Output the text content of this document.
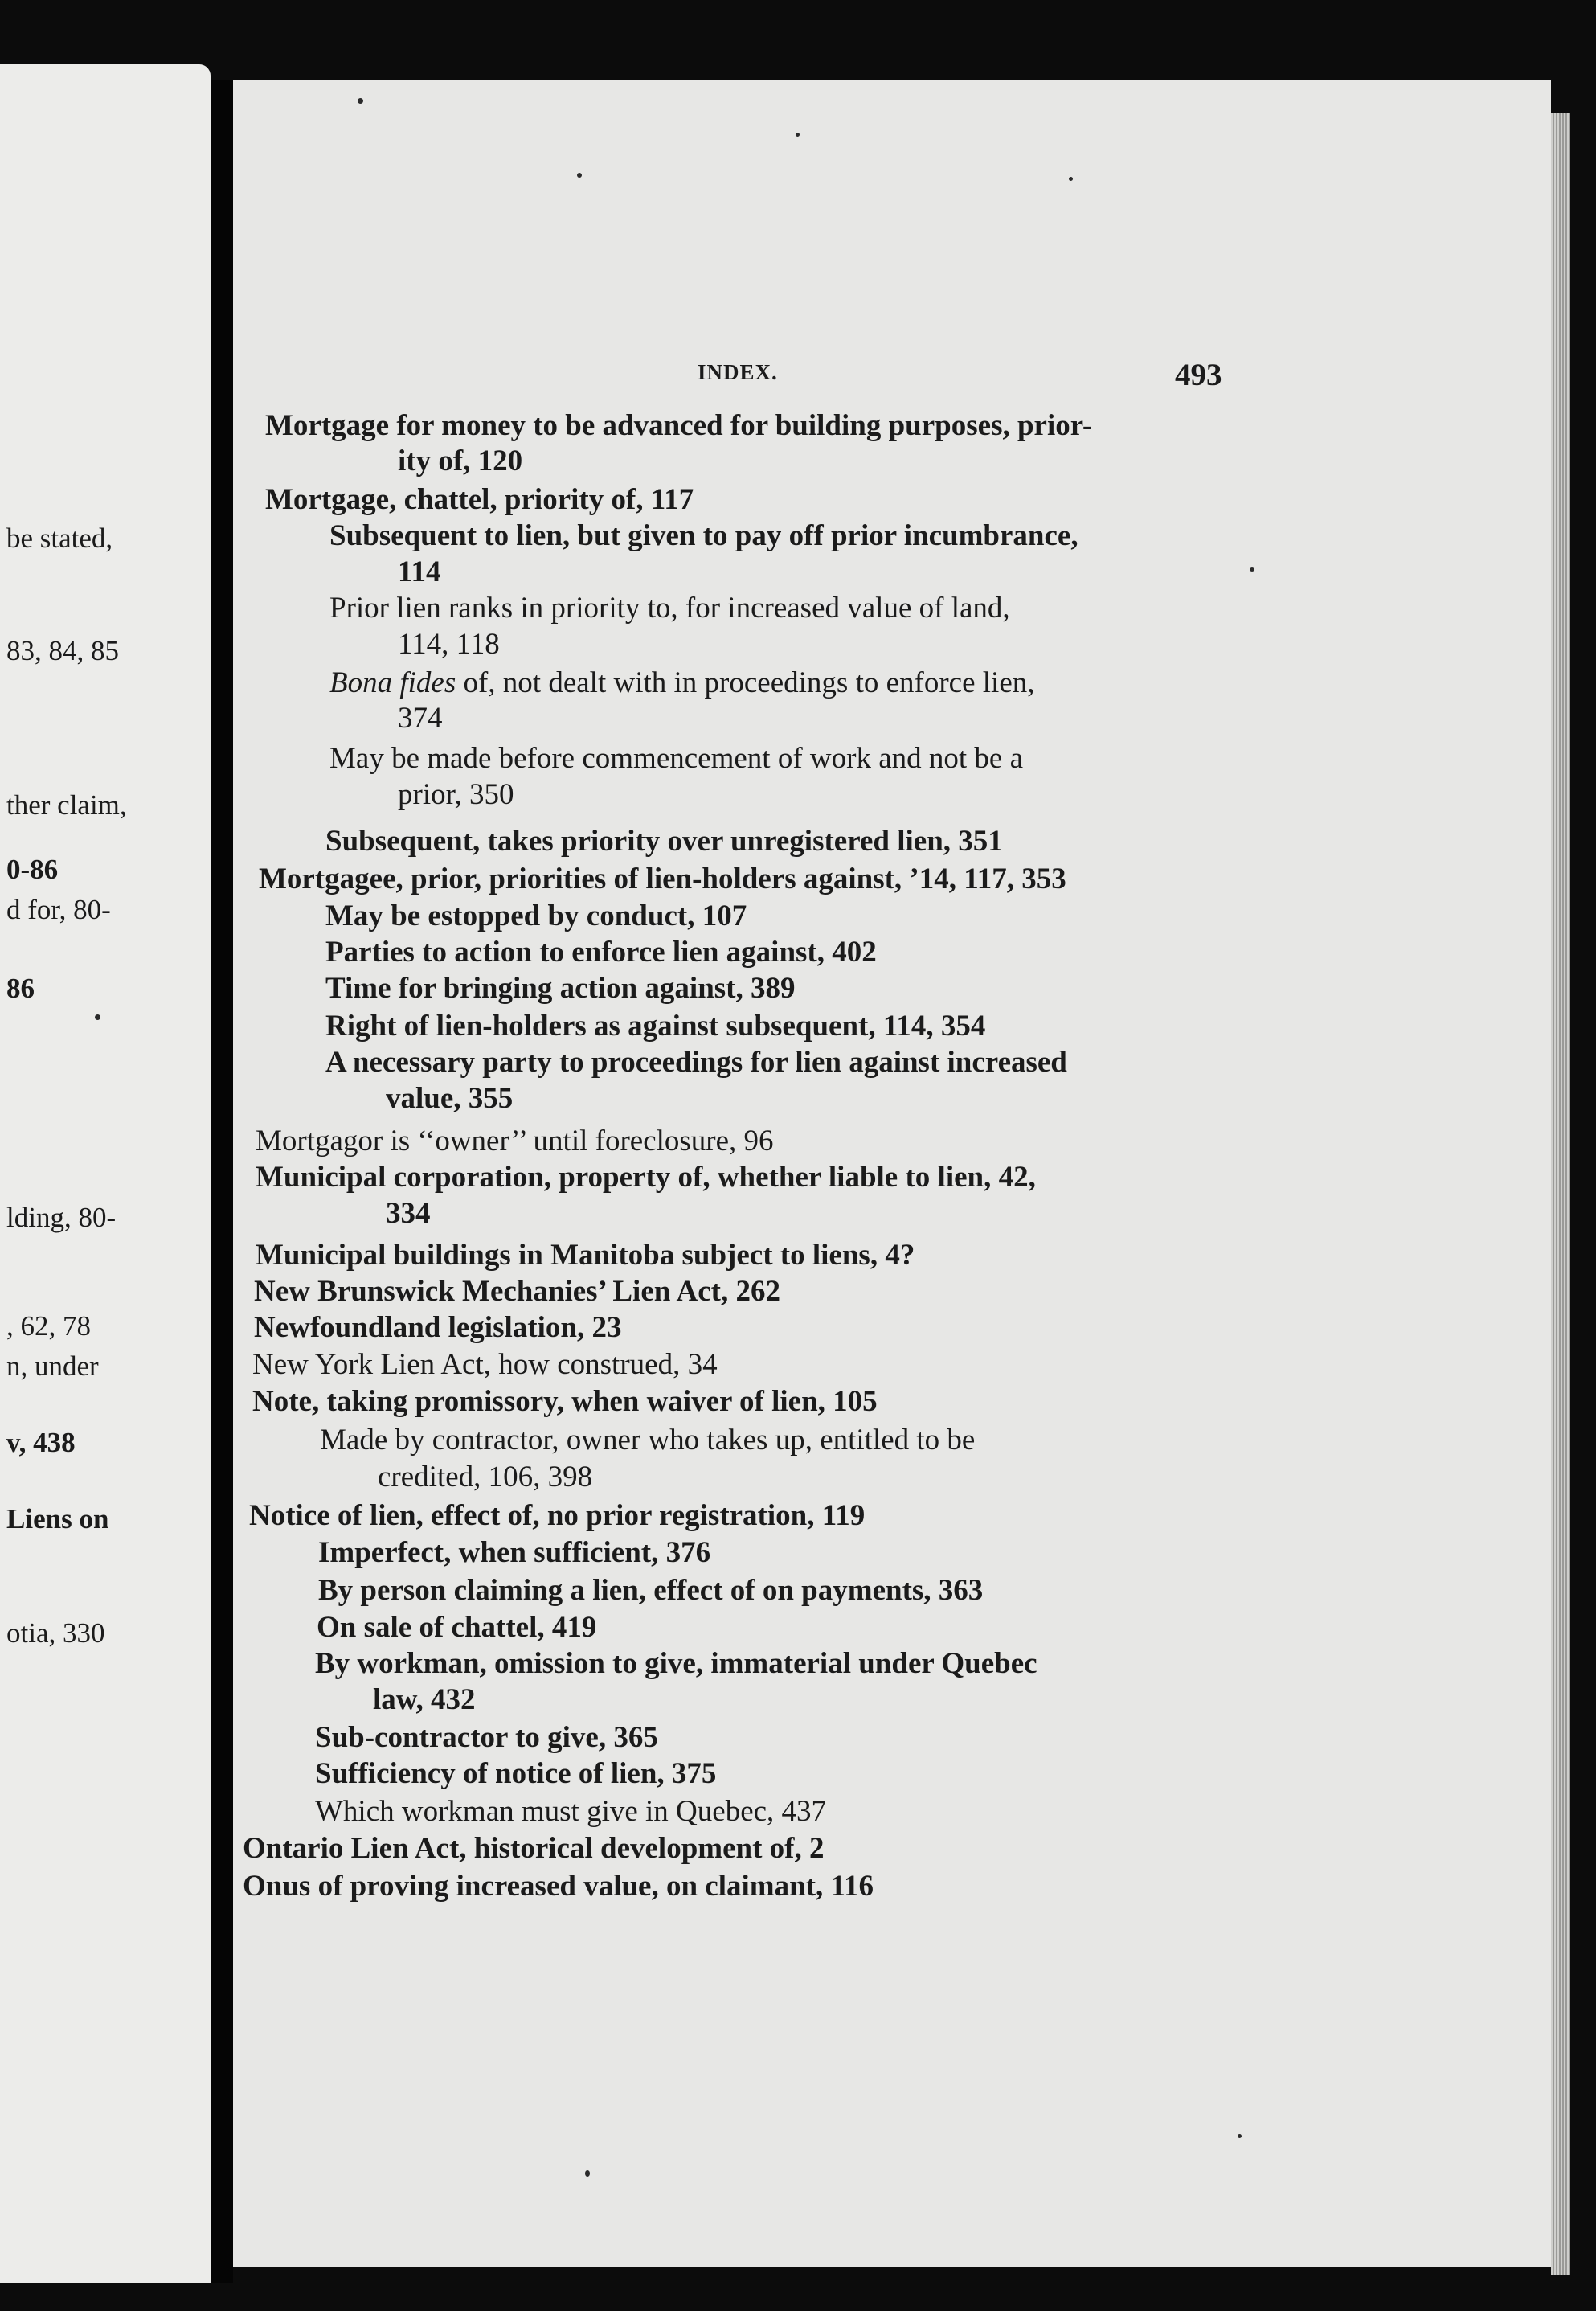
be stated,
83, 84, 85
ther claim,
0-86
d for, 80-
86
lding, 80-
, 62, 78
n, under
v, 438
Liens on
otia, 330
INDEX.	493
Mortgage for money to be advanced for building purposes, prior-
ity of, 120
Mortgage, chattel, priority of, 117
Subsequent to lien, but given to pay off prior incumbrance,
114
Prior lien ranks in priority to, for increased value of land,
114, 118
Bona fides of, not dealt with in proceedings to enforce lien,
374
May be made before commencement of work and not be a
prior, 350
Subsequent, takes priority over unregistered lien, 351
Mortgagee, prior, priorities of lien-holders against, ’14, 117, 353
May be estopped by conduct, 107
Parties to action to enforce lien against, 402
Time for bringing action against, 389
Right of lien-holders as against subsequent, 114, 354
A necessary party to proceedings for lien against increased
value, 355
Mortgagor is ‘‘owner’’ until foreclosure, 96
Municipal corporation, property of, whether liable to lien, 42,
334
Municipal buildings in Manitoba subject to liens, 4?
New Brunswick Mechanies’ Lien Act, 262
Newfoundland legislation, 23
New York Lien Act, how construed, 34
Note, taking promissory, when waiver of lien, 105
Made by contractor, owner who takes up, entitled to be
credited, 106, 398
Notice of lien, effect of, no prior registration, 119
Imperfect, when sufficient, 376
By person claiming a lien, effect of on payments, 363
On sale of chattel, 419
By workman, omission to give, immaterial under Quebec
law, 432
Sub-contractor to give, 365
Sufficiency of notice of lien, 375
Which workman must give in Quebec, 437
Ontario Lien Act, historical development of, 2
Onus of proving increased value, on claimant, 116
